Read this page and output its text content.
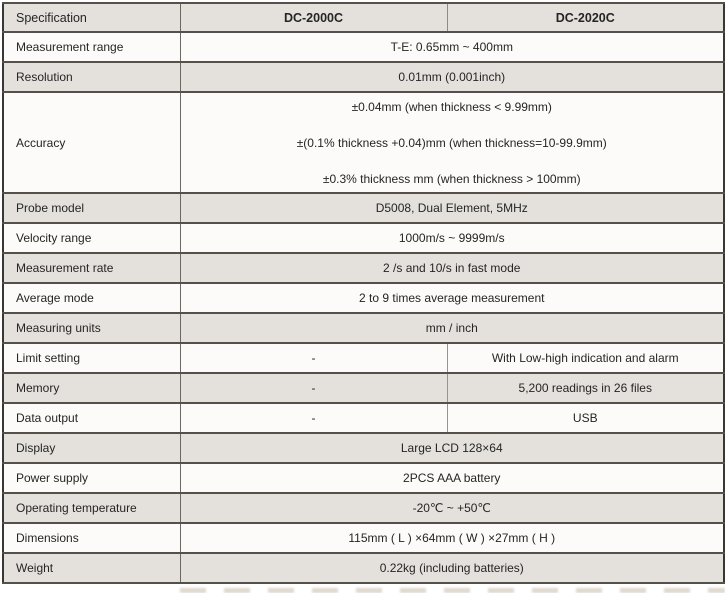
Specification	DC-2000C	DC-2020C
Measurement range	T-E: 0.65mm ~ 400mm	
Resolution	0.01mm (0.001inch)	
Accuracy	±0.04mm (when thickness < 9.99mm)
±(0.1% thickness +0.04)mm (when thickness=10-99.9mm)
±0.3% thickness mm (when thickness > 100mm)	

Probe model	D5008, Dual Element, 5MHz	
Velocity range	1000m/s ~ 9999m/s	
Measurement rate	2 /s and 10/s in fast mode	
Average mode	2 to 9 times average measurement	
Measuring units	mm / inch	
Limit setting	-	With Low-high indication and alarm
Memory	-	5,200 readings in 26 files
Data output	-	USB
Display	Large LCD 128×64	
Power supply	2PCS AAA battery	
Operating temperature	-20℃ ~ +50℃	
Dimensions	115mm ( L ) ×64mm ( W ) ×27mm ( H )	
Weight	0.22kg (including batteries)	
